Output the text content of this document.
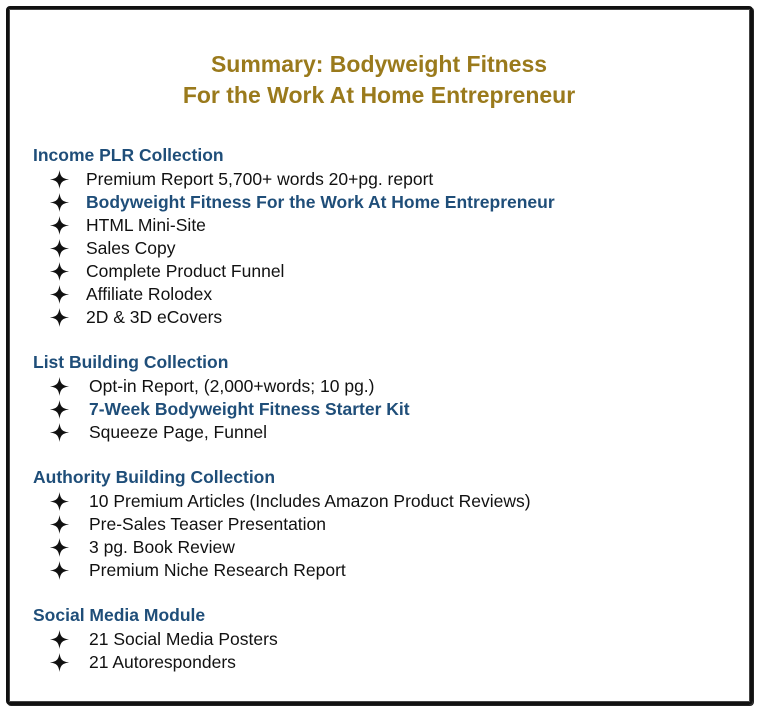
Summary: Bodyweight Fitness
For the Work At Home Entrepreneur
Income PLR Collection
Premium Report 5,700+ words 20+pg. report
Bodyweight Fitness For the Work At Home Entrepreneur
HTML Mini-Site
Sales Copy
Complete Product Funnel
Affiliate Rolodex
2D & 3D eCovers
List Building Collection
Opt-in Report, (2,000+words; 10 pg.)
7-Week Bodyweight Fitness Starter Kit
Squeeze Page, Funnel
Authority Building Collection
10 Premium Articles (Includes Amazon Product Reviews)
Pre-Sales Teaser Presentation
3 pg. Book Review
Premium Niche Research Report
Social Media Module
21 Social Media Posters
21 Autoresponders
